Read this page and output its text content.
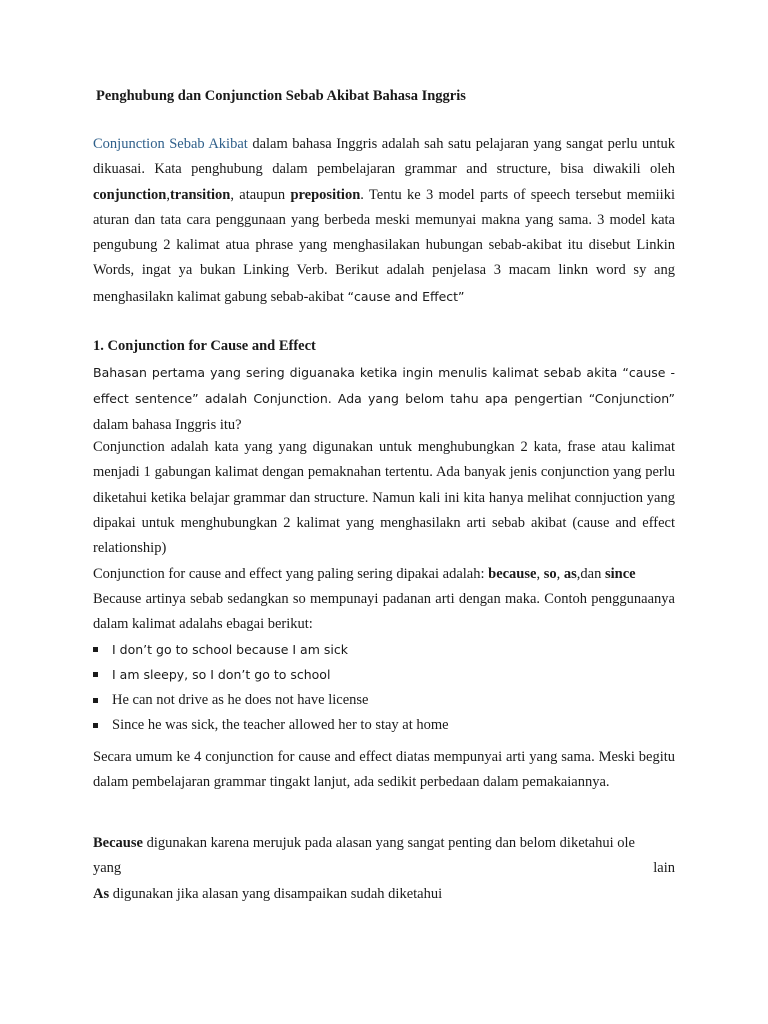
Penghubung dan Conjunction Sebab Akibat Bahasa Inggris

Conjunction Sebab Akibat dalam bahasa Inggris adalah sah satu pelajaran yang sangat perlu untuk dikuasai. Kata penghubung dalam pembelajaran grammar and structure, bisa diwakili oleh conjunction,transition, ataupun preposition. Tentu ke 3 model parts of speech tersebut memiiki aturan dan tata cara penggunaan yang berbeda meski memunyai makna yang sama. 3 model kata pengubung 2 kalimat atua phrase yang menghasilakan hubungan sebab-akibat itu disebut Linkin Words, ingat ya bukan Linking Verb. Berikut adalah penjelasa 3 macam linkn word sy ang menghasilakn kalimat gabung sebab-akibat “cause and Effect”

1. Conjunction for Cause and Effect

Bahasan pertama yang sering diguanaka ketika ingin menulis kalimat sebab akita “cause - effect sentence” adalah Conjunction. Ada yang belom tahu apa pengertian “Conjunction” dalam bahasa Inggris itu?

Conjunction adalah kata yang yang digunakan untuk menghubungkan 2 kata, frase atau kalimat menjadi 1 gabungan kalimat dengan pemaknahan tertentu. Ada banyak jenis conjunction yang perlu diketahui ketika belajar grammar dan structure. Namun kali ini kita hanya melihat connjuction yang dipakai untuk menghubungkan 2 kalimat yang menghasilakn arti sebab akibat (cause and effect relationship)

Conjunction for cause and effect yang paling sering dipakai adalah: because, so, as,dan since

Because artinya sebab sedangkan so mempunayi padanan arti dengan maka. Contoh penggunaanya dalam kalimat adalahs ebagai berikut:

I don’t go to school because I am sick
I am sleepy, so I don’t go to school
He can not drive as he does not have license
Since he was sick, the teacher allowed her to stay at home

Secara umum ke 4 conjunction for cause and effect diatas mempunyai arti yang sama. Meski begitu dalam pembelajaran grammar tingakt lanjut, ada sedikit perbedaan dalam pemakaiannya.

Because digunakan karena merujuk pada alasan yang sangat penting dan belom diketahui ole

yang	lain

As digunakan jika alasan yang disampaikan sudah diketahui
